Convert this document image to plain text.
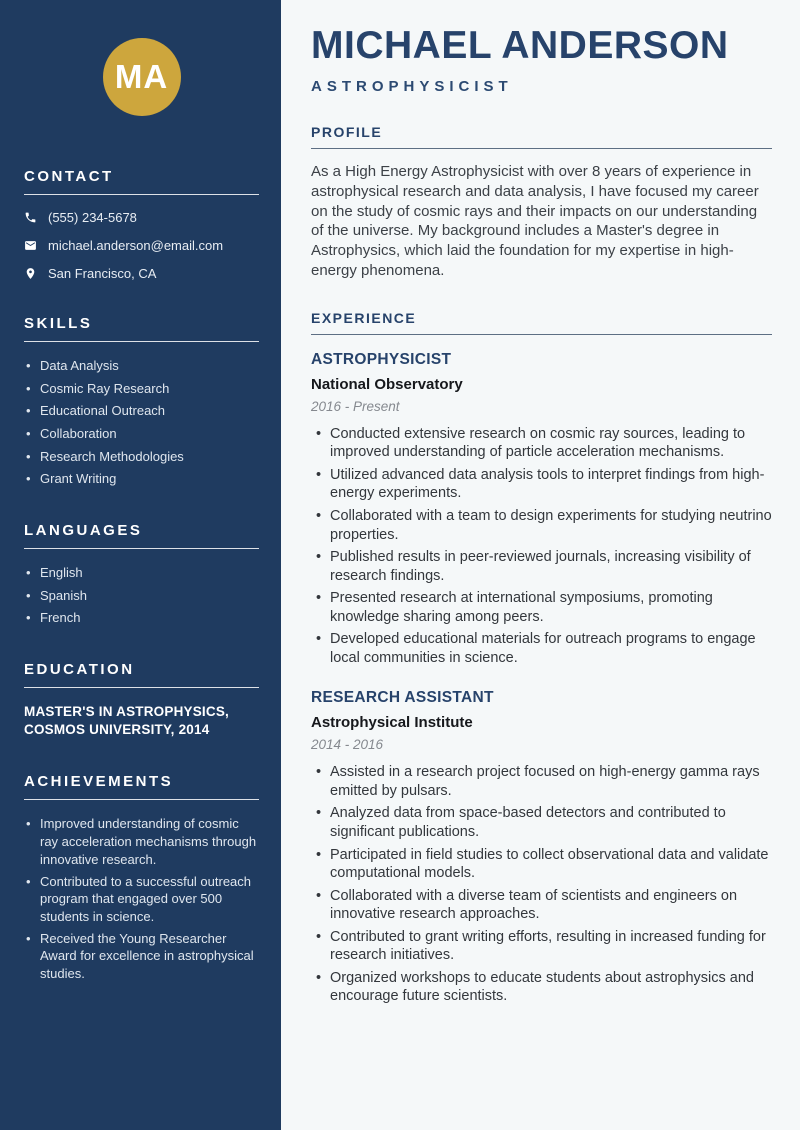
MA
CONTACT
(555) 234-5678
michael.anderson@email.com
San Francisco, CA
SKILLS
• Data Analysis
• Cosmic Ray Research
• Educational Outreach
• Collaboration
• Research Methodologies
• Grant Writing
LANGUAGES
• English
• Spanish
• French
EDUCATION

MASTER'S IN ASTROPHYSICS, COSMOS UNIVERSITY, 2014

ACHIEVEMENTS
• Improved understanding of cosmic ray acceleration mechanisms through innovative research.
• Contributed to a successful outreach program that engaged over 500 students in science.
• Received the Young Researcher Award for excellence in astrophysical studies.
MICHAEL ANDERSON
ASTROPHYSICIST
PROFILE

As a High Energy Astrophysicist with over 8 years of experience in astrophysical research and data analysis, I have focused my career on the study of cosmic rays and their impacts on our understanding of the universe. My background includes a Master's degree in Astrophysics, which laid the foundation for my expertise in high-energy phenomena.

EXPERIENCE
ASTROPHYSICIST
National Observatory
2016 - Present
• Conducted extensive research on cosmic ray sources, leading to improved understanding of particle acceleration mechanisms.
• Utilized advanced data analysis tools to interpret findings from high-energy experiments.
• Collaborated with a team to design experiments for studying neutrino properties.
• Published results in peer-reviewed journals, increasing visibility of research findings.
• Presented research at international symposiums, promoting knowledge sharing among peers.
• Developed educational materials for outreach programs to engage local communities in science.
RESEARCH ASSISTANT
Astrophysical Institute
2014 - 2016
• Assisted in a research project focused on high-energy gamma rays emitted by pulsars.
• Analyzed data from space-based detectors and contributed to significant publications.
• Participated in field studies to collect observational data and validate computational models.
• Collaborated with a diverse team of scientists and engineers on innovative research approaches.
• Contributed to grant writing efforts, resulting in increased funding for research initiatives.
• Organized workshops to educate students about astrophysics and encourage future scientists.
